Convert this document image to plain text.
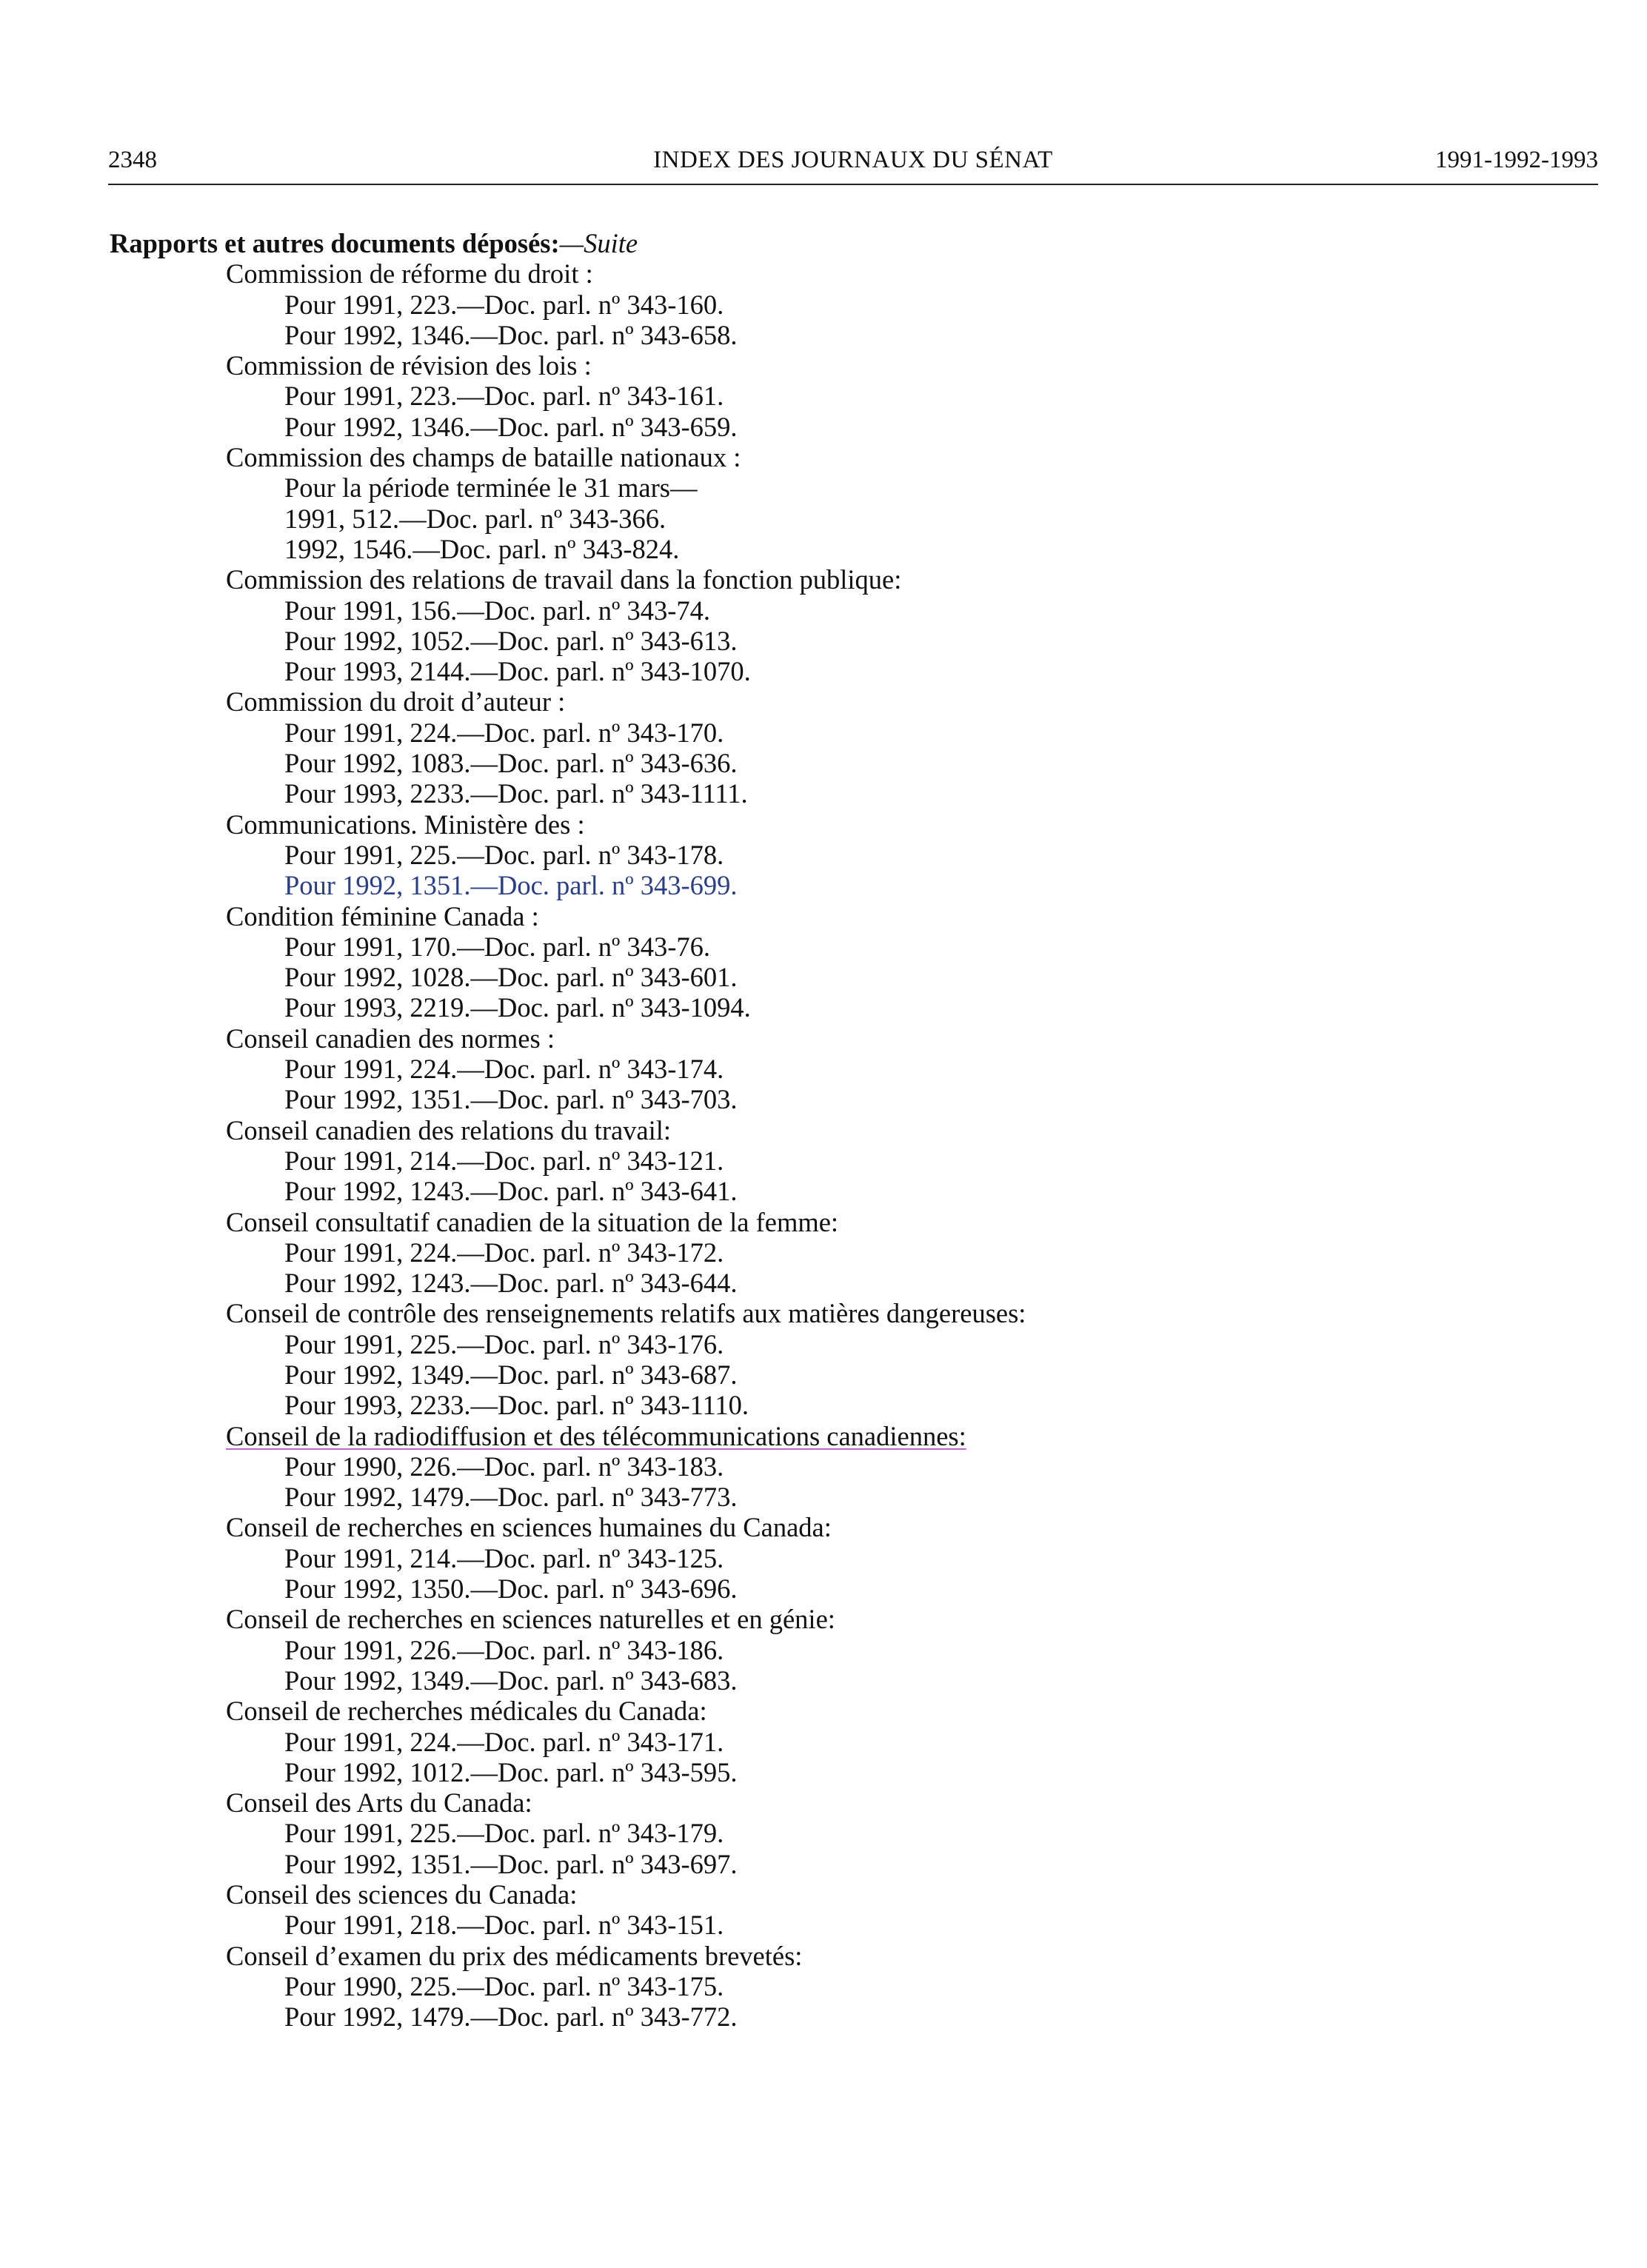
2348	INDEX DES JOURNAUX DU SÉNAT	1991-1992-1993
Rapports et autres documents déposés:—Suite
Commission de réforme du droit :
Pour 1991, 223.—Doc. parl. nº 343-160.
Pour 1992, 1346.—Doc. parl. nº 343-658.
Commission de révision des lois :
Pour 1991, 223.—Doc. parl. nº 343-161.
Pour 1992, 1346.—Doc. parl. nº 343-659.
Commission des champs de bataille nationaux :
Pour la période terminée le 31 mars—
1991, 512.—Doc. parl. nº 343-366.
1992, 1546.—Doc. parl. nº 343-824.
Commission des relations de travail dans la fonction publique:
Pour 1991, 156.—Doc. parl. nº 343-74.
Pour 1992, 1052.—Doc. parl. nº 343-613.
Pour 1993, 2144.—Doc. parl. nº 343-1070.
Commission du droit d’auteur :
Pour 1991, 224.—Doc. parl. nº 343-170.
Pour 1992, 1083.—Doc. parl. nº 343-636.
Pour 1993, 2233.—Doc. parl. nº 343-1111.
Communications. Ministère des :
Pour 1991, 225.—Doc. parl. nº 343-178.
Pour 1992, 1351.—Doc. parl. nº 343-699.
Condition féminine Canada :
Pour 1991, 170.—Doc. parl. nº 343-76.
Pour 1992, 1028.—Doc. parl. nº 343-601.
Pour 1993, 2219.—Doc. parl. nº 343-1094.
Conseil canadien des normes :
Pour 1991, 224.—Doc. parl. nº 343-174.
Pour 1992, 1351.—Doc. parl. nº 343-703.
Conseil canadien des relations du travail:
Pour 1991, 214.—Doc. parl. nº 343-121.
Pour 1992, 1243.—Doc. parl. nº 343-641.
Conseil consultatif canadien de la situation de la femme:
Pour 1991, 224.—Doc. parl. nº 343-172.
Pour 1992, 1243.—Doc. parl. nº 343-644.
Conseil de contrôle des renseignements relatifs aux matières dangereuses:
Pour 1991, 225.—Doc. parl. nº 343-176.
Pour 1992, 1349.—Doc. parl. nº 343-687.
Pour 1993, 2233.—Doc. parl. nº 343-1110.
Conseil de la radiodiffusion et des télécommunications canadiennes:
Pour 1990, 226.—Doc. parl. nº 343-183.
Pour 1992, 1479.—Doc. parl. nº 343-773.
Conseil de recherches en sciences humaines du Canada:
Pour 1991, 214.—Doc. parl. nº 343-125.
Pour 1992, 1350.—Doc. parl. nº 343-696.
Conseil de recherches en sciences naturelles et en génie:
Pour 1991, 226.—Doc. parl. nº 343-186.
Pour 1992, 1349.—Doc. parl. nº 343-683.
Conseil de recherches médicales du Canada:
Pour 1991, 224.—Doc. parl. nº 343-171.
Pour 1992, 1012.—Doc. parl. nº 343-595.
Conseil des Arts du Canada:
Pour 1991, 225.—Doc. parl. nº 343-179.
Pour 1992, 1351.—Doc. parl. nº 343-697.
Conseil des sciences du Canada:
Pour 1991, 218.—Doc. parl. nº 343-151.
Conseil d’examen du prix des médicaments brevetés:
Pour 1990, 225.—Doc. parl. nº 343-175.
Pour 1992, 1479.—Doc. parl. nº 343-772.
